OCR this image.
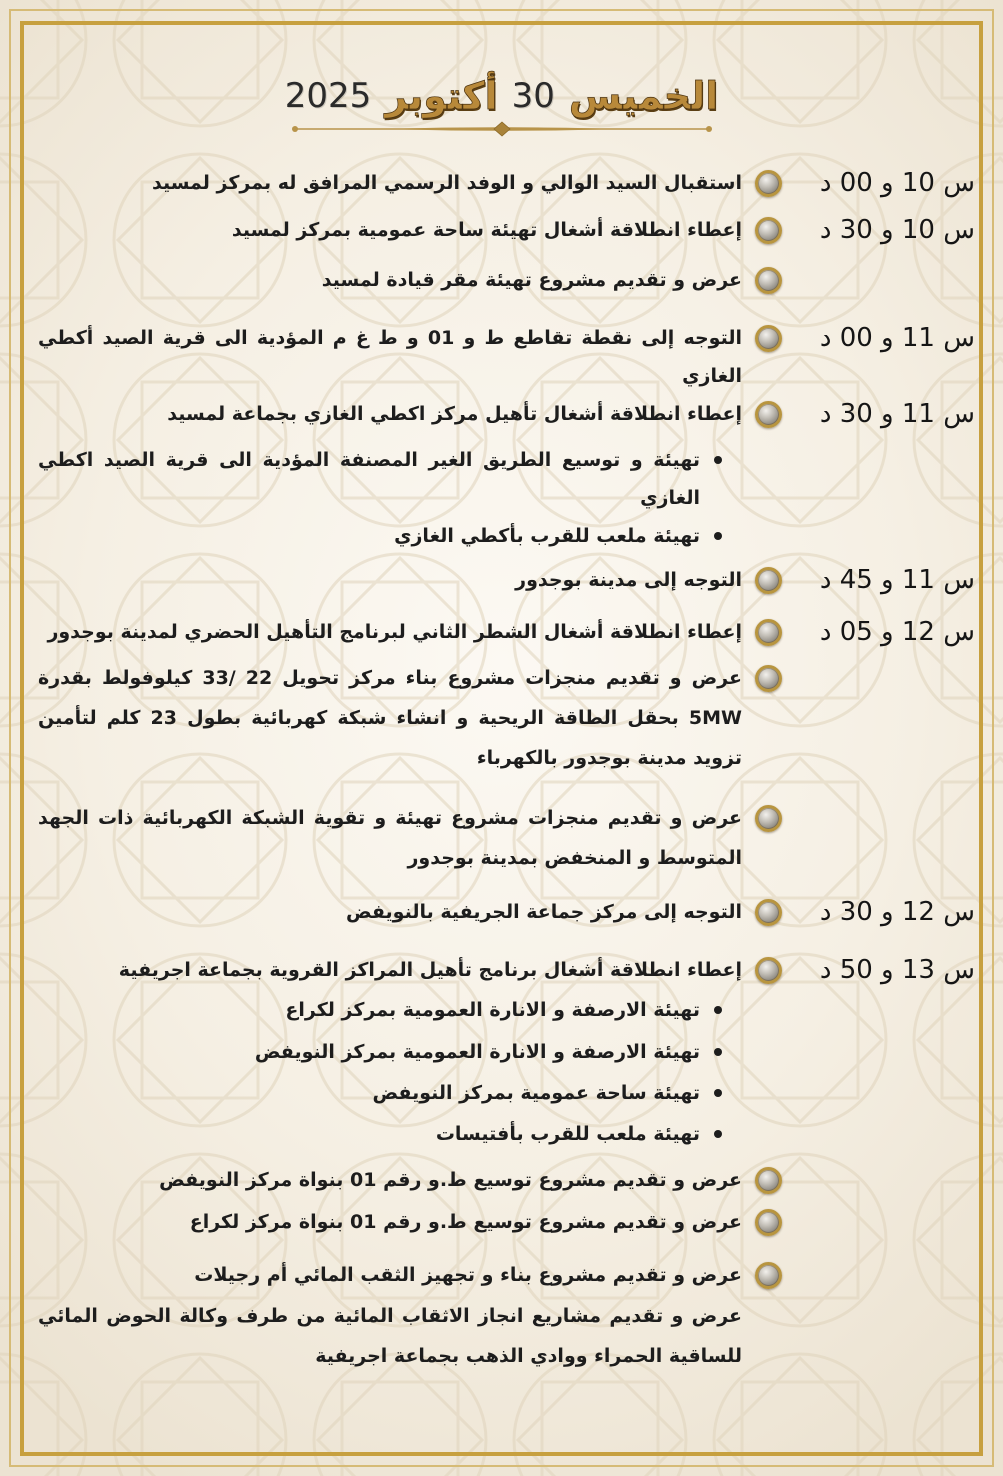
الخميس
30
أكتوبر
2025
س 10 و 00 د
استقبال السيد الوالي و الوفد الرسمي المرافق له بمركز لمسيد
س 10 و 30 د
إعطاء انطلاقة أشغال تهيئة ساحة عمومية بمركز لمسيد
عرض و تقديم مشروع تهيئة مقر قيادة لمسيد
س 11 و 00 د
التوجه إلى نقطة تقاطع ط و 01 و ط غ م المؤدية الى قرية الصيد أكطي الغازي
س 11 و 30 د
إعطاء انطلاقة أشغال تأهيل مركز اكطي الغازي بجماعة لمسيد
تهيئة و توسيع الطريق الغير المصنفة المؤدية الى قرية الصيد اكطي الغازي
تهيئة ملعب للقرب بأكطي الغازي
س 11 و 45 د
التوجه إلى مدينة بوجدور
س 12 و 05 د
إعطاء انطلاقة أشغال الشطر الثاني لبرنامج التأهيل الحضري لمدينة بوجدور
عرض و تقديم منجزات مشروع بناء مركز تحويل 22 /33 كيلوفولط بقدرة 5MW بحقل الطاقة الريحية و انشاء شبكة كهربائية بطول 23 كلم لتأمين تزويد مدينة بوجدور بالكهرباء
عرض و تقديم منجزات مشروع تهيئة و تقوية الشبكة الكهربائية ذات الجهد المتوسط و المنخفض بمدينة بوجدور
س 12 و 30 د
التوجه إلى مركز جماعة الجريفية بالنويفض
س 13 و 50 د
إعطاء انطلاقة أشغال برنامج تأهيل المراكز القروية بجماعة اجريفية
تهيئة الارصفة و الانارة العمومية بمركز لكراع
تهيئة الارصفة و الانارة العمومية بمركز النويفض
تهيئة ساحة عمومية بمركز النويفض
تهيئة ملعب للقرب بأفتيسات
عرض و تقديم مشروع توسيع ط.و رقم 01 بنواة مركز النويفض
عرض و تقديم مشروع توسيع ط.و رقم 01 بنواة مركز لكراع
عرض و تقديم مشروع بناء و تجهيز الثقب المائي أم رجيلات
عرض و تقديم مشاريع انجاز الاثقاب المائية من طرف وكالة الحوض المائي للساقية الحمراء ووادي الذهب بجماعة اجريفية
